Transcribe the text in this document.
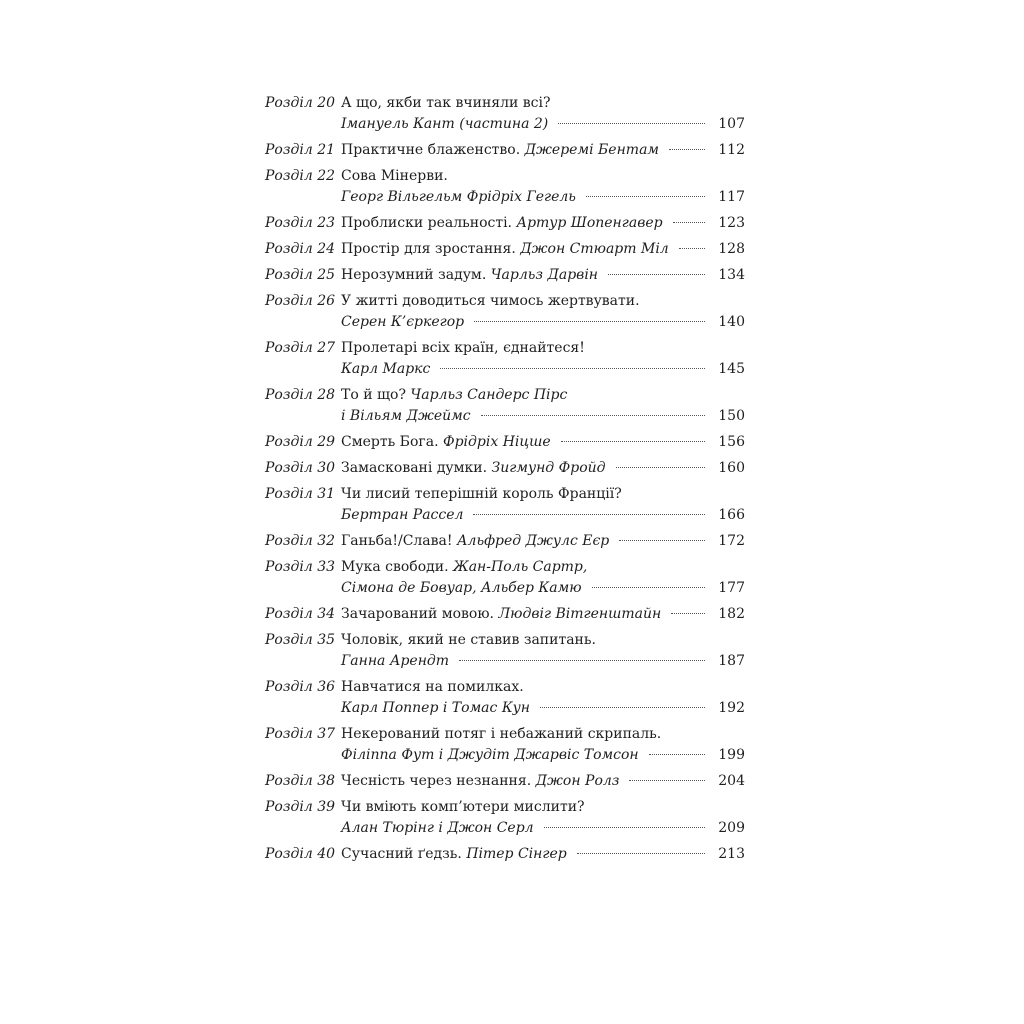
Розділ 20 А що, якби так вчиняли всі?
Імануель Кант (частина 2)	107
Розділ 21 Практичне блаженство. Джеремі Бентам	112
Розділ 22 Сова Мінерви.
Георг Вільгельм Фрідріх Гегель	117
Розділ 23 Проблиски реальності. Артур Шопенгавер	123
Розділ 24 Простір для зростання. Джон Стюарт Міл	128
Розділ 25 Нерозумний задум. Чарльз Дарвін	134
Розділ 26 У житті доводиться чимось жертвувати.
Серен К’єркегор	140
Розділ 27 Пролетарі всіх країн, єднайтеся!
Карл Маркс	145
Розділ 28 То й що? Чарльз Сандерс Пірс
і Вільям Джеймс	150
Розділ 29 Смерть Бога. Фрідріх Ніцше	156
Розділ 30 Замасковані думки. Зигмунд Фройд	160
Розділ 31 Чи лисий теперішній король Франції?
Бертран Рассел	166
Розділ 32 Ганьба!/Слава! Альфред Джулс Еєр	172
Розділ 33 Мука свободи. Жан-Поль Сартр,
Сімона де Бовуар, Альбер Камю	177
Розділ 34 Зачарований мовою. Людвіг Вітгенштайн	182
Розділ 35 Чоловік, який не ставив запитань.
Ганна Арендт	187
Розділ 36 Навчатися на помилках.
Карл Поппер і Томас Кун	192
Розділ 37 Некерований потяг і небажаний скрипаль.
Філіппа Фут і Джудіт Джарвіс Томсон	199
Розділ 38 Чесність через незнання. Джон Ролз	204
Розділ 39 Чи вміють комп’ютери мислити?
Алан Тюрінг і Джон Серл	209
Розділ 40 Сучасний ґедзь. Пітер Сінгер	213
